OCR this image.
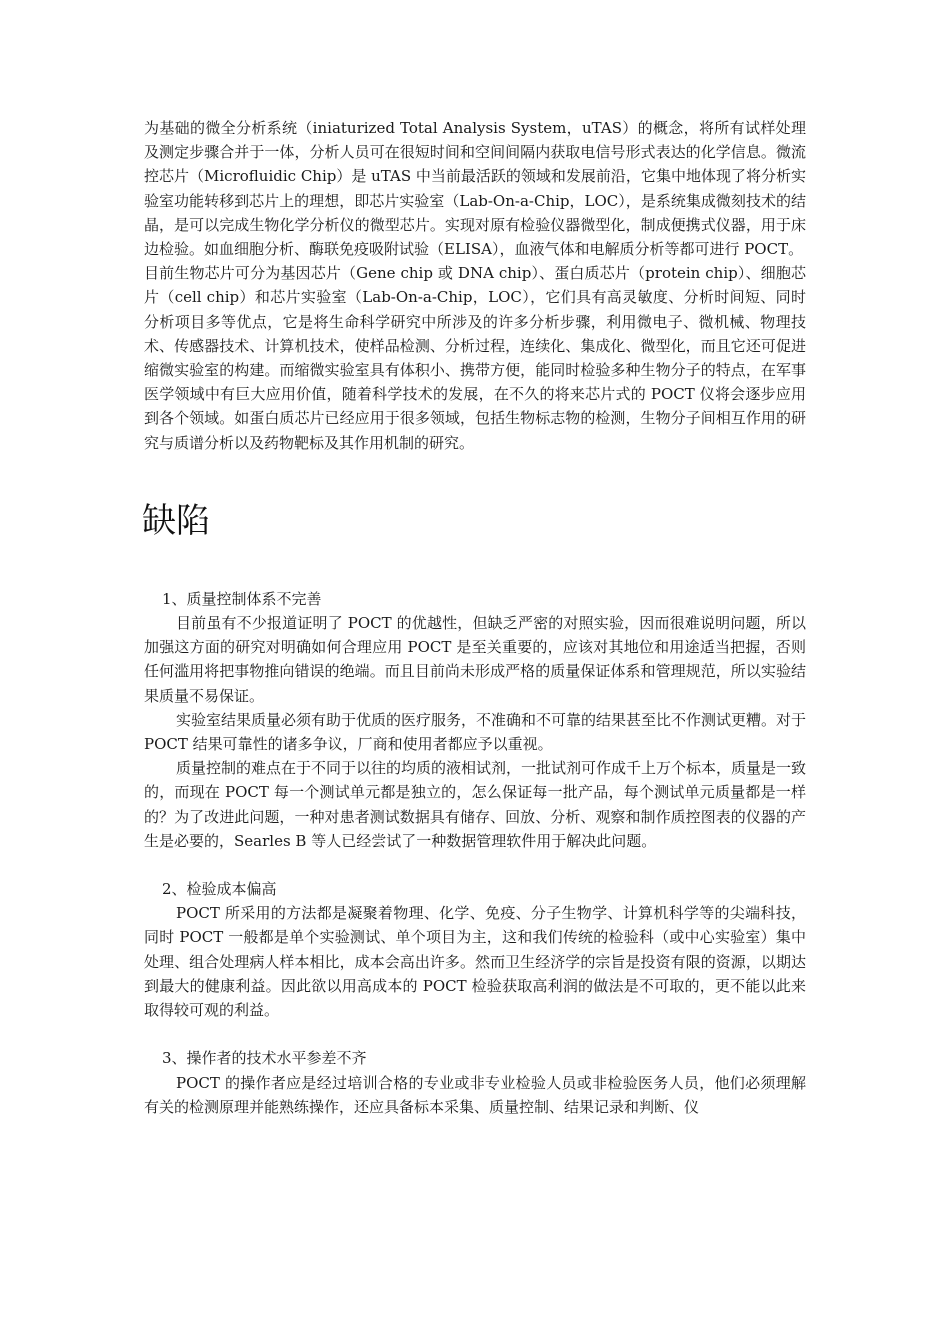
为基础的微全分析系统（iniaturized Total Analysis System，uTAS）的概念，将所有试样处理及测定步骤合并于一体，分析人员可在很短时间和空间间隔内获取电信号形式表达的化学信息。微流控芯片（Microfluidic Chip）是 uTAS 中当前最活跃的领域和发展前沿，它集中地体现了将分析实验室功能转移到芯片上的理想，即芯片实验室（Lab-On-a-Chip，LOC），是系统集成微刻技术的结晶，是可以完成生物化学分析仪的微型芯片。实现对原有检验仪器微型化，制成便携式仪器，用于床边检验。如血细胞分析、酶联免疫吸附试验（ELISA），血液气体和电解质分析等都可进行 POCT。

目前生物芯片可分为基因芯片（Gene chip 或 DNA chip）、蛋白质芯片（protein chip）、细胞芯片（cell chip）和芯片实验室（Lab-On-a-Chip，LOC），它们具有高灵敏度、分析时间短、同时分析项目多等优点，它是将生命科学研究中所涉及的许多分析步骤，利用微电子、微机械、物理技术、传感器技术、计算机技术，使样品检测、分析过程，连续化、集成化、微型化，而且它还可促进缩微实验室的构建。而缩微实验室具有体积小、携带方便，能同时检验多种生物分子的特点，在军事医学领域中有巨大应用价值，随着科学技术的发展，在不久的将来芯片式的 POCT 仪将会逐步应用到各个领域。如蛋白质芯片已经应用于很多领域，包括生物标志物的检测，生物分子间相互作用的研究与质谱分析以及药物靶标及其作用机制的研究。

缺陷

1、质量控制体系不完善

目前虽有不少报道证明了 POCT 的优越性，但缺乏严密的对照实验，因而很难说明问题，所以加强这方面的研究对明确如何合理应用 POCT 是至关重要的，应该对其地位和用途适当把握，否则任何滥用将把事物推向错误的绝端。而且目前尚未形成严格的质量保证体系和管理规范，所以实验结果质量不易保证。

实验室结果质量必须有助于优质的医疗服务，不准确和不可靠的结果甚至比不作测试更糟。对于 POCT 结果可靠性的诸多争议，厂商和使用者都应予以重视。

质量控制的难点在于不同于以往的均质的液相试剂，一批试剂可作成千上万个标本，质量是一致的，而现在 POCT 每一个测试单元都是独立的，怎么保证每一批产品，每个测试单元质量都是一样的？为了改进此问题，一种对患者测试数据具有储存、回放、分析、观察和制作质控图表的仪器的产生是必要的，Searles B 等人已经尝试了一种数据管理软件用于解决此问题。

2、检验成本偏高

POCT 所采用的方法都是凝聚着物理、化学、免疫、分子生物学、计算机科学等的尖端科技，同时 POCT 一般都是单个实验测试、单个项目为主，这和我们传统的检验科（或中心实验室）集中处理、组合处理病人样本相比，成本会高出许多。然而卫生经济学的宗旨是投资有限的资源，以期达到最大的健康利益。因此欲以用高成本的 POCT 检验获取高利润的做法是不可取的，更不能以此来取得较可观的利益。

3、操作者的技术水平参差不齐

POCT 的操作者应是经过培训合格的专业或非专业检验人员或非检验医务人员，他们必须理解有关的检测原理并能熟练操作，还应具备标本采集、质量控制、结果记录和判断、仪
